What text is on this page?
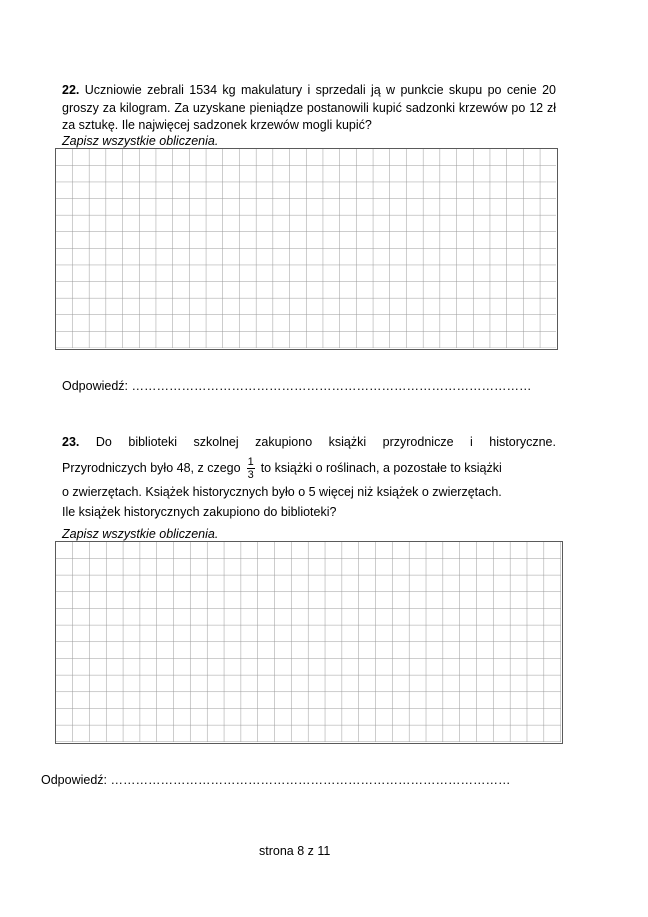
22. Uczniowie zebrali 1534 kg makulatury i sprzedali ją w punkcie skupu po cenie 20 groszy za kilogram. Za uzyskane pieniądze postanowili kupić sadzonki krzewów po 12 zł za sztukę. Ile najwięcej sadzonek krzewów mogli kupić?

Zapisz wszystkie obliczenia.
Odpowiedź: ……………………………………………………………………………………

23. Do biblioteki szkolnej zakupiono książki przyrodnicze i historyczne.

Przyrodniczych było 48, z czego $\frac{1}{3}$ to książki o roślinach, a pozostałe to książki

o zwierzętach. Książek historycznych było o 5 więcej niż książek o zwierzętach.

Ile książek historycznych zakupiono do biblioteki?

Zapisz wszystkie obliczenia.
Odpowiedź: ……………………………………………………………………………………
strona 8 z 11
